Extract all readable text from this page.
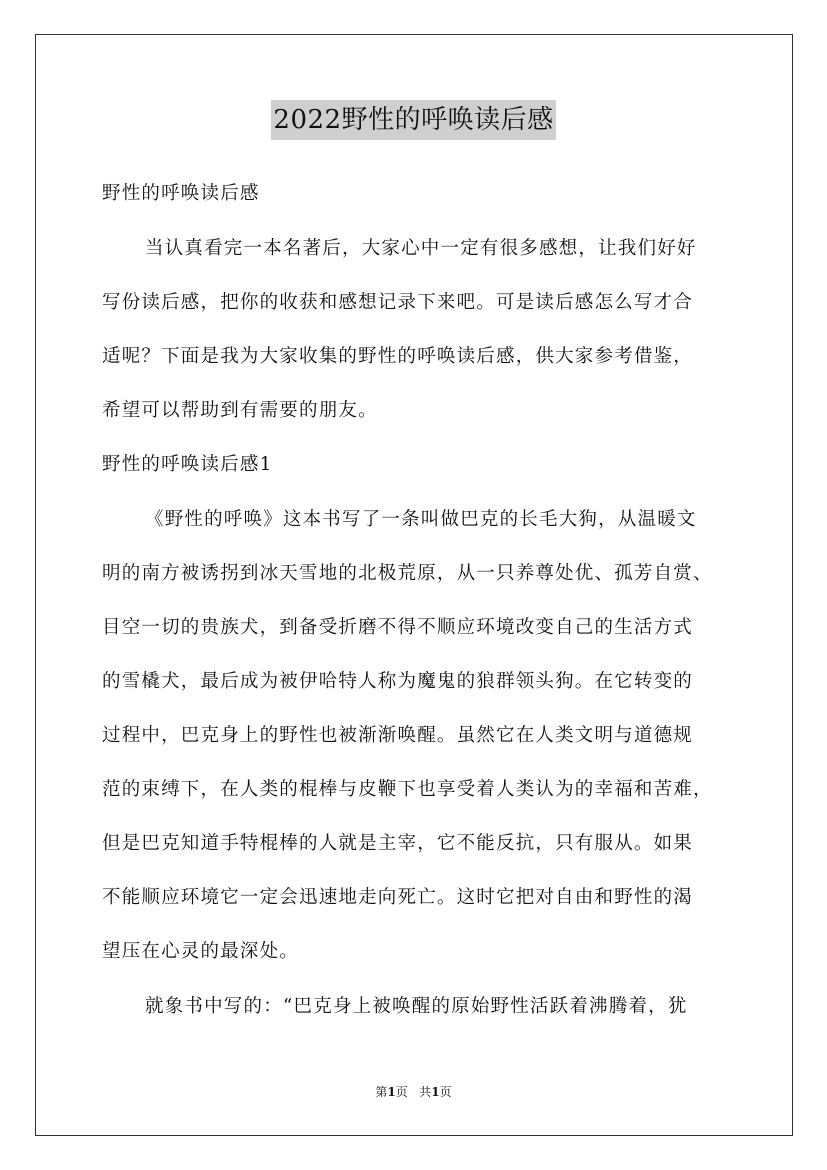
2022野性的呼唤读后感
野性的呼唤读后感
当认真看完一本名著后，大家心中一定有很多感想，让我们好好
写份读后感，把你的收获和感想记录下来吧。可是读后感怎么写才合
适呢？下面是我为大家收集的野性的呼唤读后感，供大家参考借鉴，
希望可以帮助到有需要的朋友。
野性的呼唤读后感1
《野性的呼唤》这本书写了一条叫做巴克的长毛大狗，从温暖文
明的南方被诱拐到冰天雪地的北极荒原，从一只养尊处优、孤芳自赏、
目空一切的贵族犬，到备受折磨不得不顺应环境改变自己的生活方式
的雪橇犬，最后成为被伊哈特人称为魔鬼的狼群领头狗。在它转变的
过程中，巴克身上的野性也被渐渐唤醒。虽然它在人类文明与道德规
范的束缚下，在人类的棍棒与皮鞭下也享受着人类认为的幸福和苦难，
但是巴克知道手特棍棒的人就是主宰，它不能反抗，只有服从。如果
不能顺应环境它一定会迅速地走向死亡。这时它把对自由和野性的渴
望压在心灵的最深处。
就象书中写的：“巴克身上被唤醒的原始野性活跃着沸腾着，犹
第1页   共1页
